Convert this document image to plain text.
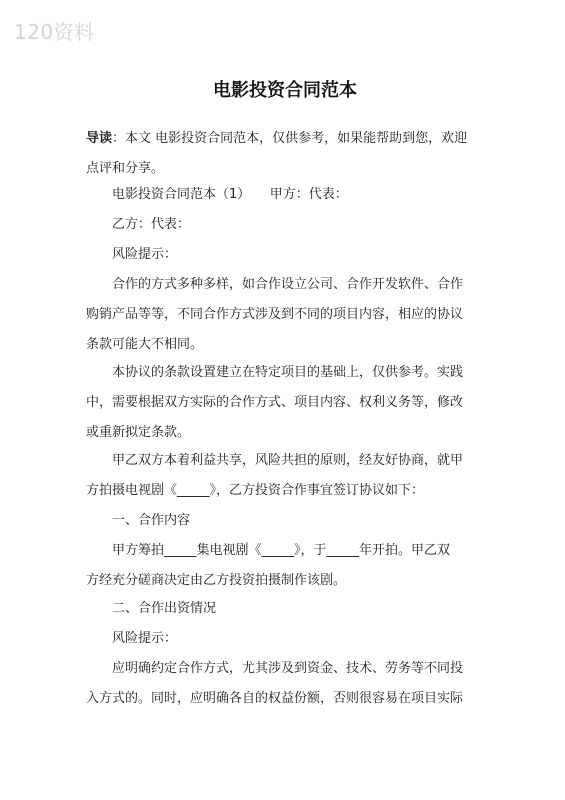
120资料
电影投资合同范本
导读：本文 电影投资合同范本，仅供参考，如果能帮助到您，欢迎
点评和分享。
电影投资合同范本（1）　　甲方：代表：
乙方：代表：
风险提示：
合作的方式多种多样，如合作设立公司、合作开发软件、合作
购销产品等等，不同合作方式涉及到不同的项目内容，相应的协议
条款可能大不相同。
本协议的条款设置建立在特定项目的基础上，仅供参考。实践
中，需要根据双方实际的合作方式、项目内容、权利义务等，修改
或重新拟定条款。
甲乙双方本着利益共享，风险共担的原则，经友好协商，就甲
方拍摄电视剧《_____》，乙方投资合作事宜签订协议如下：
一、合作内容
甲方筹拍_____集电视剧《_____》，于_____年开拍。甲乙双
方经充分磋商决定由乙方投资拍摄制作该剧。
二、合作出资情况
风险提示：
应明确约定合作方式，尤其涉及到资金、技术、劳务等不同投
入方式的。同时，应明确各自的权益份额，否则很容易在项目实际
